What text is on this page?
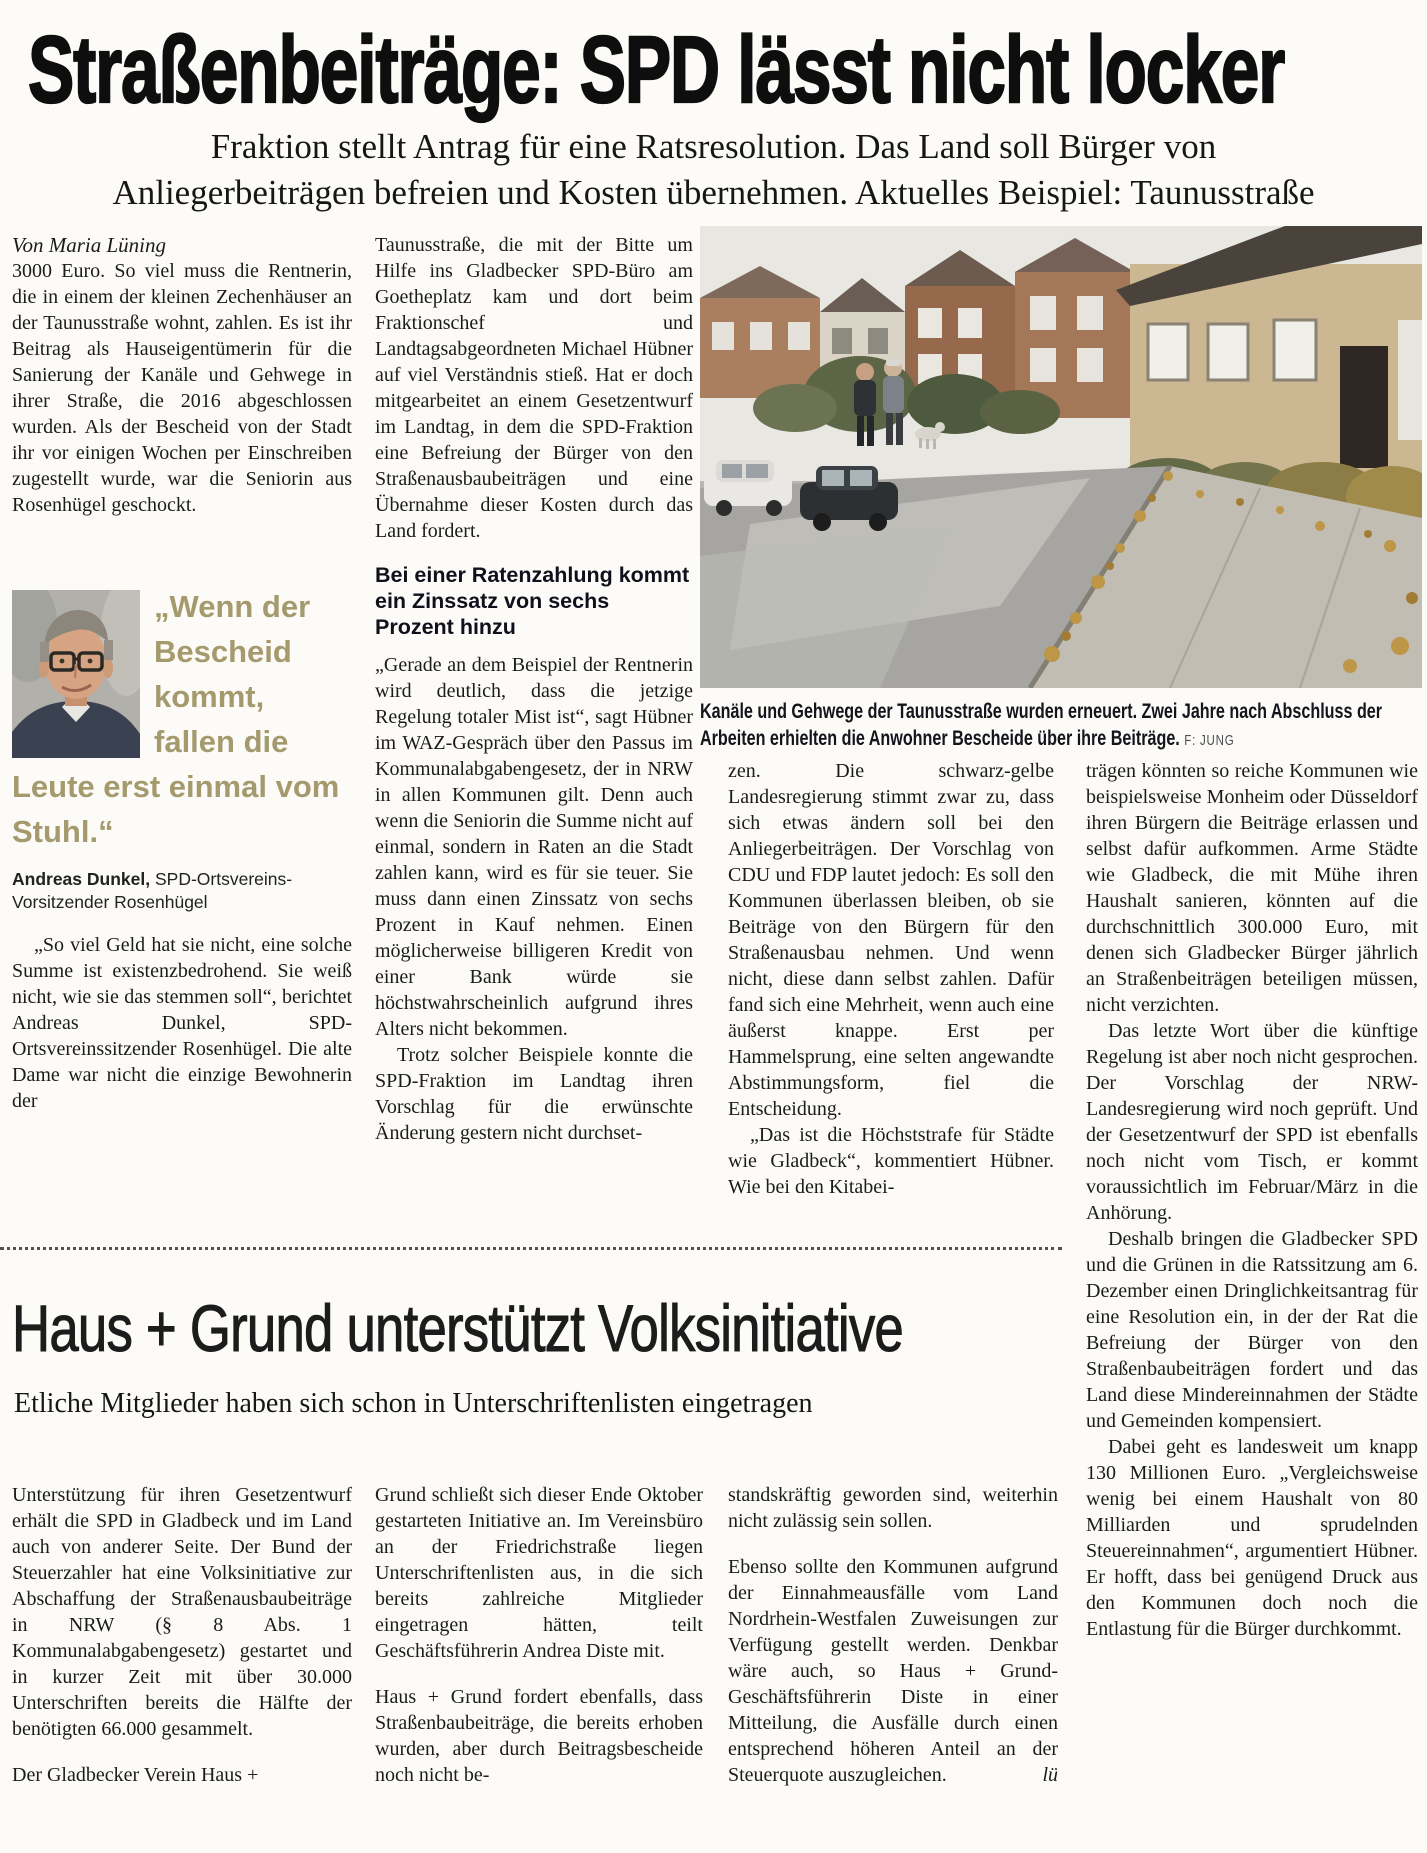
Straßenbeiträge: SPD lässt nicht locker
Fraktion stellt Antrag für eine Ratsresolution. Das Land soll Bürger von
Anliegerbeiträgen befreien und Kosten übernehmen. Aktuelles Beispiel: Taunusstraße

Von Maria Lüning

3000 Euro. So viel muss die Rentnerin, die in einem der kleinen Zechenhäuser an der Taunusstraße wohnt, zahlen. Es ist ihr Beitrag als Hauseigentümerin für die Sanierung der Kanäle und Gehwege in ihrer Straße, die 2016 abgeschlossen wurden. Als der Bescheid von der Stadt ihr vor einigen Wochen per Einschreiben zugestellt wurde, war die Seniorin aus Rosenhügel geschockt.

„Wenn der Bescheid kommt, fallen die Leute erst einmal vom Stuhl.“
Andreas Dunkel, SPD-Ortsvereins-Vorsitzender Rosenhügel

„So viel Geld hat sie nicht, eine solche Summe ist existenzbedrohend. Sie weiß nicht, wie sie das stemmen soll“, berichtet Andreas Dunkel, SPD-Ortsvereinssitzender Rosenhügel. Die alte Dame war nicht die einzige Bewohnerin der

Taunusstraße, die mit der Bitte um Hilfe ins Gladbecker SPD-Büro am Goetheplatz kam und dort beim Fraktionschef und Landtagsabgeordneten Michael Hübner auf viel Verständnis stieß. Hat er doch mitgearbeitet an einem Gesetzentwurf im Landtag, in dem die SPD-Fraktion eine Befreiung der Bürger von den Straßenausbaubeiträgen und eine Übernahme dieser Kosten durch das Land fordert.

Bei einer Ratenzahlung kommt ein Zinssatz von sechs Prozent hinzu

„Gerade an dem Beispiel der Rentnerin wird deutlich, dass die jetzige Regelung totaler Mist ist“, sagt Hübner im WAZ-Gespräch über den Passus im Kommunalabgabengesetz, der in NRW in allen Kommunen gilt. Denn auch wenn die Seniorin die Summe nicht auf einmal, sondern in Raten an die Stadt zahlen kann, wird es für sie teuer. Sie muss dann einen Zinssatz von sechs Prozent in Kauf nehmen. Einen möglicherweise billigeren Kredit von einer Bank würde sie höchstwahrscheinlich aufgrund ihres Alters nicht bekommen.

Trotz solcher Beispiele konnte die SPD-Fraktion im Landtag ihren Vorschlag für die erwünschte Änderung gestern nicht durchset-

Kanäle und Gehwege der Taunusstraße wurden erneuert. Zwei Jahre nach Abschluss der Arbeiten erhielten die Anwohner Bescheide über ihre Beiträge. F: JUNG

zen. Die schwarz-gelbe Landesregierung stimmt zwar zu, dass sich etwas ändern soll bei den Anliegerbeiträgen. Der Vorschlag von CDU und FDP lautet jedoch: Es soll den Kommunen überlassen bleiben, ob sie Beiträge von den Bürgern für den Straßenausbau nehmen. Und wenn nicht, diese dann selbst zahlen. Dafür fand sich eine Mehrheit, wenn auch eine äußerst knappe. Erst per Hammelsprung, eine selten angewandte Abstimmungsform, fiel die Entscheidung.

„Das ist die Höchststrafe für Städte wie Gladbeck“, kommentiert Hübner. Wie bei den Kitabei-

trägen könnten so reiche Kommunen wie beispielsweise Monheim oder Düsseldorf ihren Bürgern die Beiträge erlassen und selbst dafür aufkommen. Arme Städte wie Gladbeck, die mit Mühe ihren Haushalt sanieren, könnten auf die durchschnittlich 300.000 Euro, mit denen sich Gladbecker Bürger jährlich an Straßenbeiträgen beteiligen müssen, nicht verzichten.

Das letzte Wort über die künftige Regelung ist aber noch nicht gesprochen. Der Vorschlag der NRW-Landesregierung wird noch geprüft. Und der Gesetzentwurf der SPD ist ebenfalls noch nicht vom Tisch, er kommt voraussichtlich im Februar/März in die Anhörung.

Deshalb bringen die Gladbecker SPD und die Grünen in die Ratssitzung am 6. Dezember einen Dringlichkeitsantrag für eine Resolution ein, in der der Rat die Befreiung der Bürger von den Straßenbaubeiträgen fordert und das Land diese Mindereinnahmen der Städte und Gemeinden kompensiert.

Dabei geht es landesweit um knapp 130 Millionen Euro. „Vergleichsweise wenig bei einem Haushalt von 80 Milliarden und sprudelnden Steuereinnahmen“, argumentiert Hübner. Er hofft, dass bei genügend Druck aus den Kommunen doch noch die Entlastung für die Bürger durchkommt.

Haus + Grund unterstützt Volksinitiative
Etliche Mitglieder haben sich schon in Unterschriftenlisten eingetragen

Unterstützung für ihren Gesetzentwurf erhält die SPD in Gladbeck und im Land auch von anderer Seite. Der Bund der Steuerzahler hat eine Volksinitiative zur Abschaffung der Straßenausbaubeiträge in NRW (§ 8 Abs. 1 Kommunalabgabengesetz) gestartet und in kurzer Zeit mit über 30.000 Unterschriften bereits die Hälfte der benötigten 66.000 gesammelt.

Der Gladbecker Verein Haus +

Grund schließt sich dieser Ende Oktober gestarteten Initiative an. Im Vereinsbüro an der Friedrichstraße liegen Unterschriftenlisten aus, in die sich bereits zahlreiche Mitglieder eingetragen hätten, teilt Geschäftsführerin Andrea Diste mit.

Haus + Grund fordert ebenfalls, dass Straßenbaubeiträge, die bereits erhoben wurden, aber durch Beitragsbescheide noch nicht be-

standskräftig geworden sind, weiterhin nicht zulässig sein sollen.

Ebenso sollte den Kommunen aufgrund der Einnahmeausfälle vom Land Nordrhein-Westfalen Zuweisungen zur Verfügung gestellt werden. Denkbar wäre auch, so Haus + Grund-Geschäftsführerin Diste in einer Mitteilung, die Ausfälle durch einen entsprechend höheren Anteil an der Steuerquote auszugleichen.	lü
